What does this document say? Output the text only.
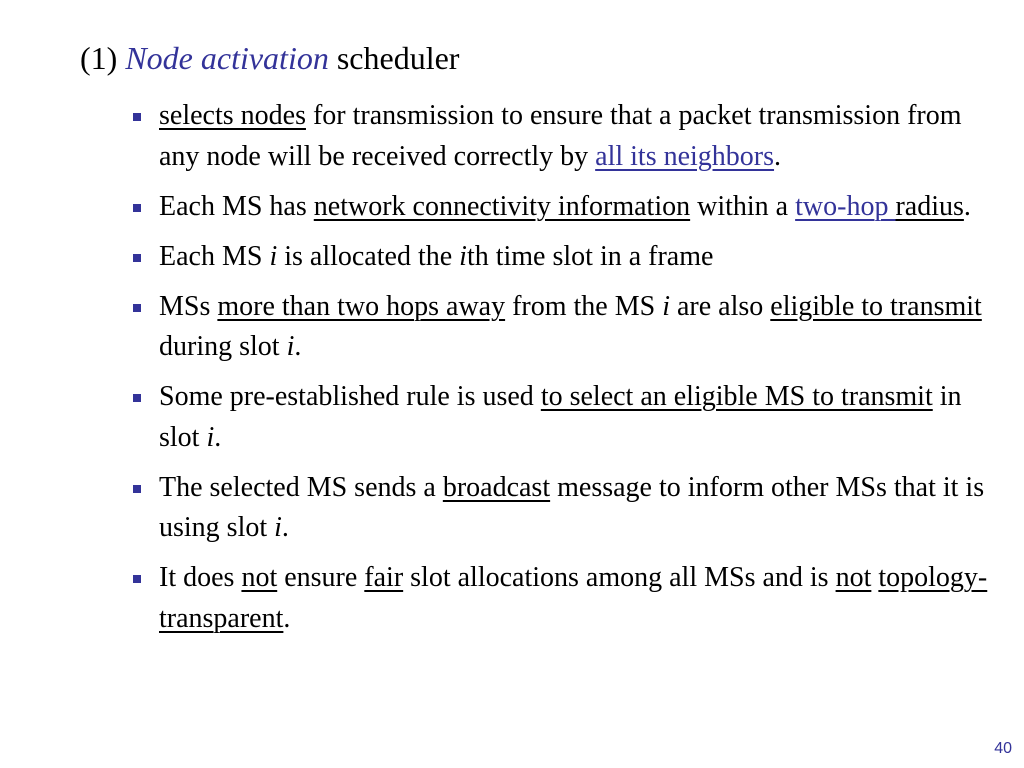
(1) Node activation scheduler
selects nodes for transmission to ensure that a packet transmission from any node will be received correctly by all its neighbors.
Each MS has network connectivity information within a two-hop radius.
Each MS i is allocated the ith time slot in a frame
MSs more than two hops away from the MS i are also eligible to transmit during slot i.
Some pre-established rule is used to select an eligible MS to transmit in slot i.
The selected MS sends a broadcast message to inform other MSs that it is using slot i.
It does not ensure fair slot allocations among all MSs and is not topology-transparent.
40
